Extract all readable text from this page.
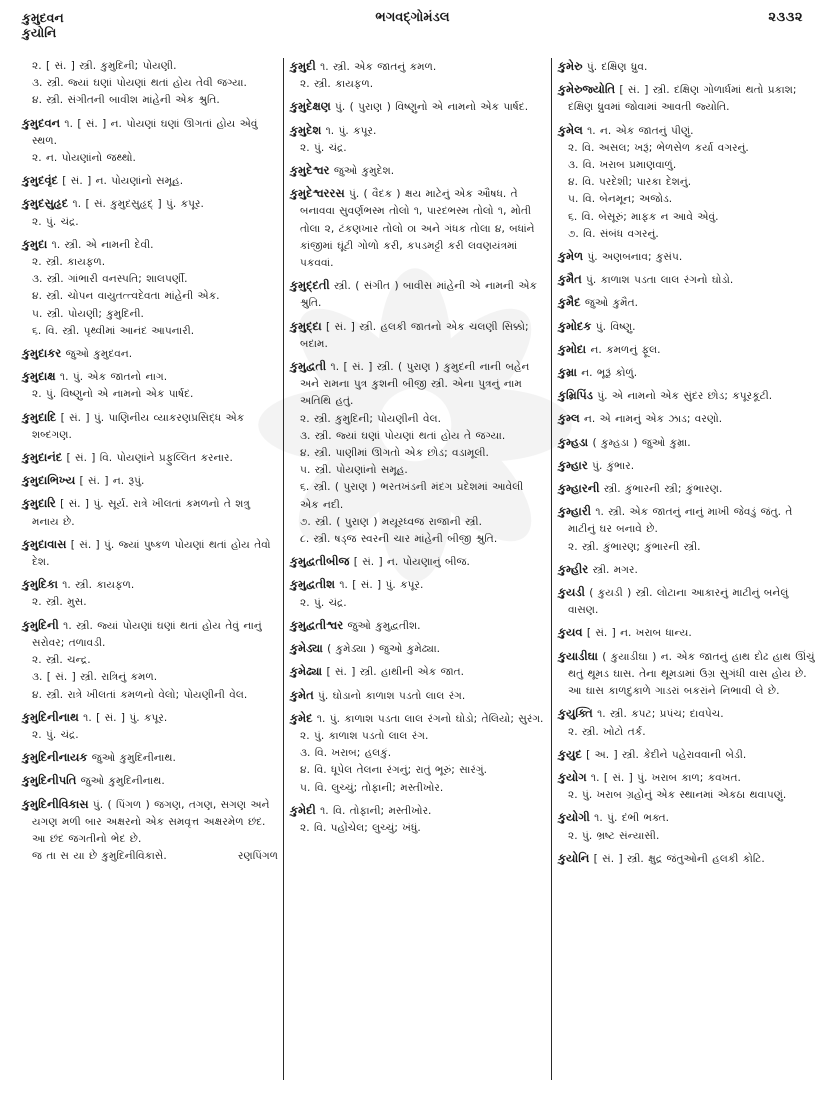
કુમુદવન
કુયોનિ
ભગવદ્ગોમંડલ	૨૩૩૨
૨. [ સં. ] સ્ત્રી. કુમુદિની; પોયણી.
૩. સ્ત્રી. જ્યાં ઘણાં પોયણાં થતાં હોય તેવી જગ્યા.
૪. સ્ત્રી. સંગીતની બાવીશ માંહેની એક શ્રુતિ.
કુમુદવન ૧. [ સં. ] ન. પોયણાં ઘણાં ઊગતાં હોય એવું સ્થળ.
૨. ન. પોયણાંનો જથ્થો.
કુમુદવૃંદ [ સં. ] ન. પોયણાંનો સમૂહ.
કુમુદસુહૃદ ૧. [ સં. કુમુદસુહૃદ્ ] પું. કપૂર.
૨. પું. ચંદ્ર.
કુમુદા ૧. સ્ત્રી. એ નામની દેવી.
૨. સ્ત્રી. કાયફળ.
૩. સ્ત્રી. ગાંભારી વનસ્પતિ; શાલપર્ણી.
૪. સ્ત્રી. ચોપન વાયુતત્ત્વદેવતા માંહેની એક.
૫. સ્ત્રી. પોયણી; કુમુદિની.
૬. વિ. સ્ત્રી. પૃથ્વીમાં આનંદ આપનારી.
કુમુદાકર જુઓ કુમુદવન.
કુમુદાક્ષ ૧. પું. એક જાતનો નાગ.
૨. પું. વિષ્ણુનો એ નામનો એક પાર્ષદ.
કુમુદાદિ [ સં. ] પું. પાણિનીય વ્યાકરણપ્રસિદ્ધ એક શબ્દગણ.
કુમુદાનંદ [ સં. ] વિ. પોયણાંને પ્રફુલ્લિત કરનાર.
કુમુદાભિખ્ય [ સં. ] ન. રૂપું.
કુમુદારિ [ સં. ] પું. સૂર્ય. રાત્રે ખીલતાં કમળનો તે શત્રુ મનાય છે.
કુમુદાવાસ [ સં. ] પું. જ્યાં પુષ્કળ પોયણાં થતાં હોય તેવો દેશ.
કુમુદિકા ૧. સ્ત્રી. કાયફળ.
૨. સ્ત્રી. મુસ.
કુમુદિની ૧. સ્ત્રી. જ્યાં પોયણાં ઘણાં થતાં હોય તેવું નાનું સરોવર; તળાવડી.
૨. સ્ત્રી. ચન્દ્ર.
૩. [ સં. ] સ્ત્રી. રાત્રિનું કમળ.
૪. સ્ત્રી. રાત્રે ખીલતાં કમળનો વેલો; પોયણીની વેલ.
કુમુદિનીનાથ ૧. [ સં. ] પું. કપૂર.
૨. પું. ચંદ્ર.
કુમુદિનીનાયક જુઓ કુમુદિનીનાથ.
કુમુદિનીપતિ જુઓ કુમુદિનીનાથ.
કુમુદિનીવિકાસ પું. ( પિંગળ ) જગણ, તગણ, સગણ અને યગણ મળી બાર અક્ષરનો એક સમવૃત્ત અક્ષરમેળ છંદ. આ છંદ જગતીનો ભેદ છે.
જ તા સ યા છે કુમુદિનીવિકાસે.	રણપિંગળ
કુમુદી ૧. સ્ત્રી. એક જાતનું કમળ.
૨. સ્ત્રી. કાયફળ.
કુમુદેક્ષણ પું. ( પુરાણ ) વિષ્ણુનો એ નામનો એક પાર્ષદ.
કુમુદેશ ૧. પું. કપૂર.
૨. પું. ચંદ્ર.
કુમુદેશ્વર જુઓ કુમુદેશ.
કુમુદેશ્વરરસ પું. ( વૈદક ) ક્ષય માટેનું એક ઔષધ. તે બનાવવા સુવર્ણભસ્મ તોલો ૧, પારદભસ્મ તોલો ૧, મોતી તોલા ૨, ટંકણખાર તોલો ૦। અને ગંધક તોલા ૪, બધાંને કાંજીમાં ઘૂંટી ગોળો કરી, કપડમટ્ટી કરી લવણયંત્રમાં પકવવાં.
કુમુદ્દતી સ્ત્રી. ( સંગીત ) બાવીસ માંહેની એ નામની એક શ્રુતિ.
કુમુદ્દા [ સં. ] સ્ત્રી. હલકી જાતનો એક ચલણી સિક્કો; બદામ.
કુમુદ્વતી ૧. [ સં. ] સ્ત્રી. ( પુરાણ ) કુમુદની નાની બહેન અને રામના પુત્ર કુશની બીજી સ્ત્રી. એના પુત્રનું નામ અતિથિ હતું.
૨. સ્ત્રી. કુમુદિની; પોયણીની વેલ.
૩. સ્ત્રી. જ્યાં ઘણાં પોયણાં થતાં હોય તે જગ્યા.
૪. સ્ત્રી. પાણીમાં ઊગતો એક છોડ; વડામૂલી.
૫. સ્ત્રી. પોયણાંનો સમૂહ.
૬. સ્ત્રી. ( પુરાણ ) ભરતખંડની મંદગ પ્રદેશમાં આવેલી એક નદી.
૭. સ્ત્રી. ( પુરાણ ) મયૂરધ્વજ રાજાની સ્ત્રી.
૮. સ્ત્રી. ષડ્જ સ્વરની ચાર માંહેની બીજી શ્રુતિ.
કુમુદ્વતીબીજ [ સં. ] ન. પોયણાનું બીજ.
કુમુદ્વતીશ ૧. [ સં. ] પું. કપૂર.
૨. પું. ચંદ્ર.
કુમુદ્વતીશ્વર જુઓ કુમુદ્વતીશ.
કુમેડ્યા ( કુમેડ્યા ) જુઓ કુમેઢ્યા.
કુમેઢ્યા [ સં. ] સ્ત્રી. હાથીની એક જાત.
કુમેત પું. ઘોડાનો કાળાશ પડતો લાલ રંગ.
કુમેદ ૧. પું. કાળાશ પડતા લાલ રંગનો ઘોડો; તેલિયો; સુરંગ.
૨. પું. કાળાશ પડતો લાલ રંગ.
૩. વિ. ખરાબ; હલકું.
૪. વિ. ધૂપેલ તેલના રંગનું; રાતું ભૂરું; સારંગું.
૫. વિ. લુચ્ચું; તોફાની; મસ્તીખોર.
કુમેદી ૧. વિ. તોફાની; મસ્તીખોર.
૨. વિ. પહોંચેલ; લુચ્ચું; ખંધું.
કુમેરુ પું. દક્ષિણ ધ્રુવ.
કુમેરુજ્યોતિ [ સં. ] સ્ત્રી. દક્ષિણ ગોળાર્ધમાં થતો પ્રકાશ; દક્ષિણ ધ્રુવમાં જોવામાં આવતી જ્યોતિ.
કુમેલ ૧. ન. એક જાતનું પીણું.
૨. વિ. અસલ; ખરૂં; ભેળસેળ કર્યા વગરનું.
૩. વિ. ખરાબ પ્રમાણવાળું.
૪. વિ. પરદેશી; પારકા દેશનું.
૫. વિ. બેનમૂન; અજોડ.
૬. વિ. બેસૂરું; માફક ન આવે એવું.
૭. વિ. સંબંધ વગરનું.
કુમેળ પું. અણબનાવ; કુસંપ.
કુમૈત પું. કાળાશ પડતા લાલ રંગનો ઘોડો.
કુમૈદ જુઓ કુમૈત.
કુમોદક પું. વિષ્ણુ.
કુમોદા ન. કમળનું ફૂલ.
કુમ્રા ન. ભૂરૂં કોળું.
કુમ્રિપિંડ પું. એ નામનો એક સુંદર છોડ; કપૂરકૂટી.
કુમ્લ ન. એ નામનું એક ઝાડ; વરણો.
કુમ્હડા ( કુમ્હડા ) જુઓ કુમ્રા.
કુમ્હાર પું. કુંભાર.
કુમ્હારની સ્ત્રી. કુંભારની સ્ત્રી; કુંભારણ.
કુમ્હારી ૧. સ્ત્રી. એક જાતનું નાનું માખી જેવડું જંતુ. તે માટીનું ઘર બનાવે છે.
૨. સ્ત્રી. કુંભારણ; કુંભારની સ્ત્રી.
કુમ્હીર સ્ત્રી. મગર.
કુયડી ( કુયડી ) સ્ત્રી. લોટાના આકારનું માટીનું બનેલું વાસણ.
કુયવ [ સં. ] ન. ખરાબ ધાન્ય.
કુયાડીઘા ( કુયાડીઘા ) ન. એક જાતનું હાથ દોઢ હાથ ઊંચું થતું થૂમડ ઘાસ. તેના થૂમડામાં ઉગ્ર સુગંધી વાસ હોય છે. આ ઘાસ કાળદુકાળે ગાડરાં બકરાંને નિભાવી લે છે.
કુયુક્તિ ૧. સ્ત્રી. કપટ; પ્રપંચ; દાવપેચ.
૨. સ્ત્રી. ખોટો તર્ક.
કુયુદ [ અ. ] સ્ત્રી. કેદીને પહેરાવવાની બેડી.
કુયોગ ૧. [ સં. ] પું. ખરાબ કાળ; કવખત.
૨. પું. ખરાબ ગ્રહોનું એક સ્થાનમાં એકઠા થવાપણું.
કુયોગી ૧. પું. દંભી ભક્ત.
૨. પું. ભ્રષ્ટ સંન્યાસી.
કુયોનિ [ સં. ] સ્ત્રી. ક્ષુદ્ર જંતુઓની હલકી કોટિ.
